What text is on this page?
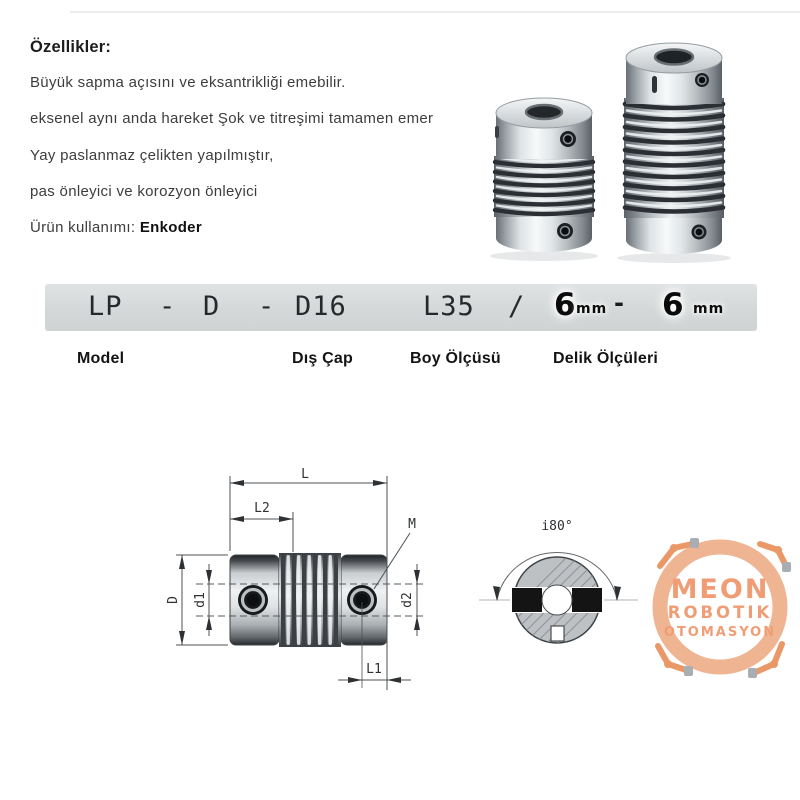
Özellikler:
Büyük sapma açısını ve eksantrikliği emebilir.
eksenel aynı anda hareket Şok ve titreşimi tamamen emer
Yay paslanmaz çelikten yapılmıştır,
pas önleyici ve korozyon önleyici
Ürün kullanımı: Enkoder
LP - D - D16	L35 / 6 mm - 6 mm
Model	Dış Çap	Boy Ölçüsü	Delik Ölçüleri
L
L2
M
D d1	d2
L1
i80°
MEON
ROBOTIK
OTOMASYON
